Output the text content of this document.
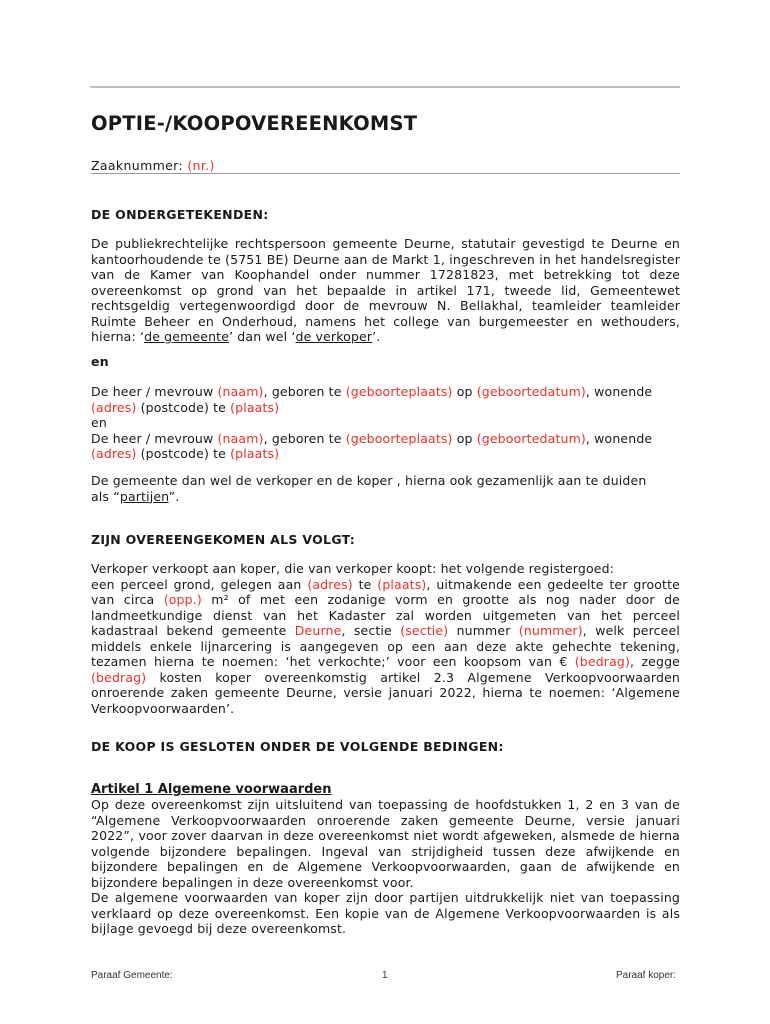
OPTIE-/KOOPOVEREENKOMST
Zaaknummer: (nr.)
DE ONDERGETEKENDEN:
De publiekrechtelijke rechtspersoon gemeente Deurne, statutair gevestigd te Deurne en kantoorhoudende te (5751 BE) Deurne aan de Markt 1, ingeschreven in het handelsregister van de Kamer van Koophandel onder nummer 17281823, met betrekking tot deze overeenkomst op grond van het bepaalde in artikel 171, tweede lid, Gemeentewet rechtsgeldig vertegenwoordigd door de mevrouw N. Bellakhal, teamleider teamleider Ruimte Beheer en Onderhoud, namens het college van burgemeester en wethouders, hierna: ‘de gemeente’ dan wel ‘de verkoper’.
en
De heer / mevrouw (naam), geboren te (geboorteplaats) op (geboortedatum), wonende
(adres) (postcode) te (plaats)
en
De heer / mevrouw (naam), geboren te (geboorteplaats) op (geboortedatum), wonende
(adres) (postcode) te (plaats)
De gemeente dan wel de verkoper en de koper , hierna ook gezamenlijk aan te duiden
als “partijen”.
ZIJN OVEREENGEKOMEN ALS VOLGT:
Verkoper verkoopt aan koper, die van verkoper koopt: het volgende registergoed:
een perceel grond, gelegen aan (adres) te (plaats), uitmakende een gedeelte ter grootte van circa (opp.) m² of met een zodanige vorm en grootte als nog nader door de landmeetkundige dienst van het Kadaster zal worden uitgemeten van het perceel kadastraal bekend gemeente Deurne, sectie (sectie) nummer (nummer), welk perceel middels enkele lijnarcering is aangegeven op een aan deze akte gehechte tekening, tezamen hierna te noemen: ‘het verkochte;’ voor een koopsom van € (bedrag), zegge (bedrag) kosten koper overeenkomstig artikel 2.3 Algemene Verkoopvoorwaarden onroerende zaken gemeente Deurne, versie januari 2022, hierna te noemen: ‘Algemene Verkoopvoorwaarden’.
DE KOOP IS GESLOTEN ONDER DE VOLGENDE BEDINGEN:
Artikel 1 Algemene voorwaarden
Op deze overeenkomst zijn uitsluitend van toepassing de hoofdstukken 1, 2 en 3 van de “Algemene Verkoopvoorwaarden onroerende zaken gemeente Deurne, versie januari 2022”, voor zover daarvan in deze overeenkomst niet wordt afgeweken, alsmede de hierna volgende bijzondere bepalingen. Ingeval van strijdigheid tussen deze afwijkende en bijzondere bepalingen en de Algemene Verkoopvoorwaarden, gaan de afwijkende en bijzondere bepalingen in deze overeenkomst voor.
De algemene voorwaarden van koper zijn door partijen uitdrukkelijk niet van toepassing verklaard op deze overeenkomst. Een kopie van de Algemene Verkoopvoorwaarden is als bijlage gevoegd bij deze overeenkomst.
Paraaf Gemeente:	1	Paraaf koper:
